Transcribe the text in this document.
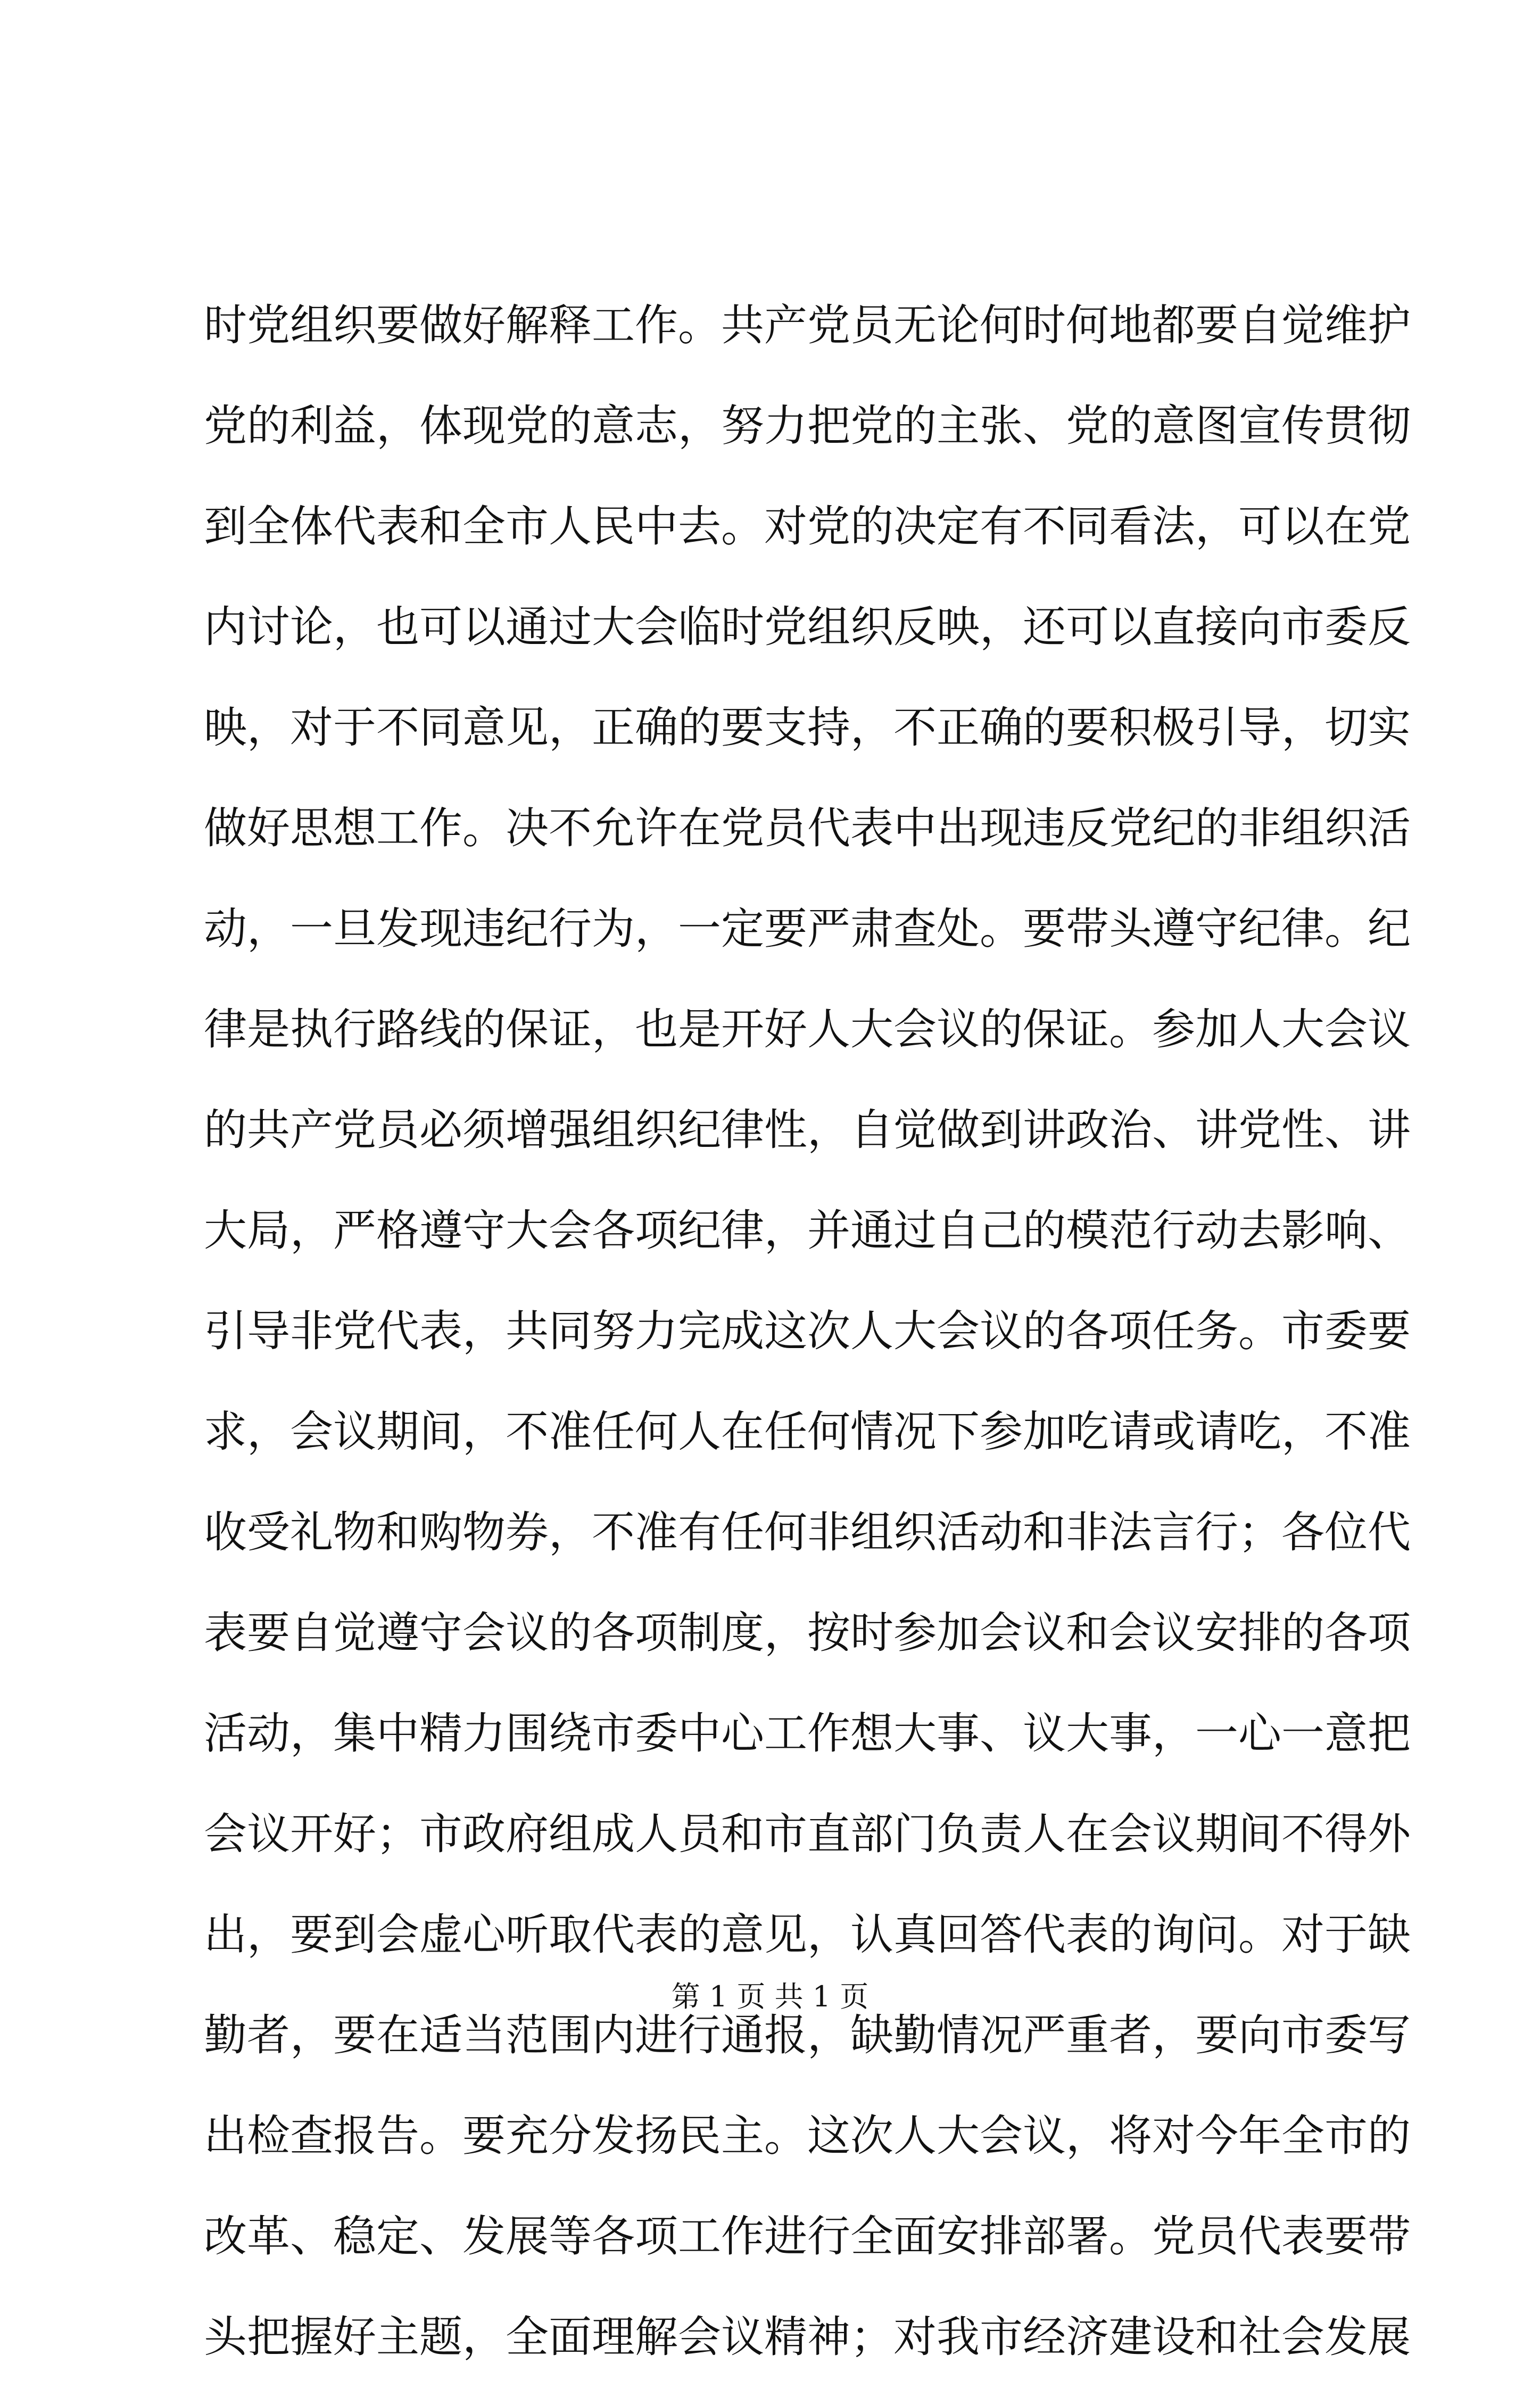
时党组织要做好解释工作。共产党员无论何时何地都要自觉维护
党的利益，体现党的意志，努力把党的主张、党的意图宣传贯彻
到全体代表和全市人民中去。对党的决定有不同看法，可以在党
内讨论，也可以通过大会临时党组织反映，还可以直接向市委反
映，对于不同意见，正确的要支持，不正确的要积极引导，切实
做好思想工作。决不允许在党员代表中出现违反党纪的非组织活
动，一旦发现违纪行为，一定要严肃查处。要带头遵守纪律。纪
律是执行路线的保证，也是开好人大会议的保证。参加人大会议
的共产党员必须增强组织纪律性，自觉做到讲政治、讲党性、讲
大局，严格遵守大会各项纪律，并通过自己的模范行动去影响、
引导非党代表，共同努力完成这次人大会议的各项任务。市委要
求，会议期间，不准任何人在任何情况下参加吃请或请吃，不准
收受礼物和购物券，不准有任何非组织活动和非法言行；各位代
表要自觉遵守会议的各项制度，按时参加会议和会议安排的各项
活动，集中精力围绕市委中心工作想大事、议大事，一心一意把
会议开好；市政府组成人员和市直部门负责人在会议期间不得外
出，要到会虚心听取代表的意见，认真回答代表的询问。对于缺
勤者，要在适当范围内进行通报，缺勤情况严重者，要向市委写
出检查报告。要充分发扬民主。这次人大会议，将对今年全市的
改革、稳定、发展等各项工作进行全面安排部署。党员代表要带
头把握好主题，全面理解会议精神；对我市经济建设和社会发展
第 1 页 共 1 页
